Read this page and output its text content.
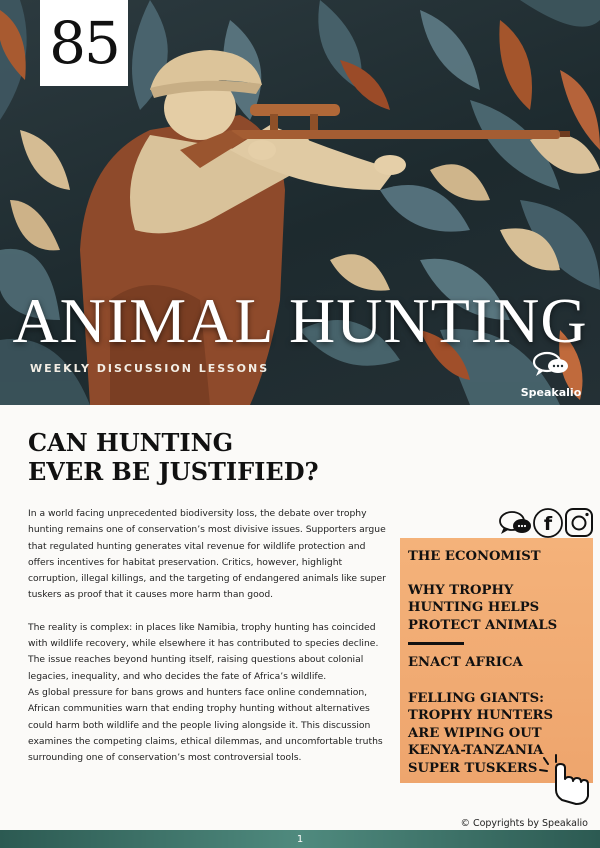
85
ANIMAL HUNTING
WEEKLY DISCUSSION LESSONS
Speakalio
CAN HUNTING
EVER BE JUSTIFIED?

In a world facing unprecedented biodiversity loss, the debate over trophy hunting remains one of conservation’s most divisive issues. Supporters argue that regulated hunting generates vital revenue for wildlife protection and offers incentives for habitat preservation. Critics, however, highlight corruption, illegal killings, and the targeting of endangered animals like super tuskers as proof that it causes more harm than good.

The reality is complex: in places like Namibia, trophy hunting has coincided with wildlife recovery, while elsewhere it has contributed to species decline. The issue reaches beyond hunting itself, raising questions about colonial legacies, inequality, and who decides the fate of Africa’s wildlife.

As global pressure for bans grows and hunters face online condemnation, African communities warn that ending trophy hunting without alternatives could harm both wildlife and the people living alongside it. This discussion examines the competing claims, ethical dilemmas, and uncomfortable truths surrounding one of conservation’s most controversial tools.

f
THE ECONOMIST
WHY TROPHY HUNTING HELPS PROTECT ANIMALS
ENACT AFRICA
FELLING GIANTS: TROPHY HUNTERS ARE WIPING OUT KENYA-TANZANIA SUPER TUSKERS
© Copyrights by Speakalio
1
